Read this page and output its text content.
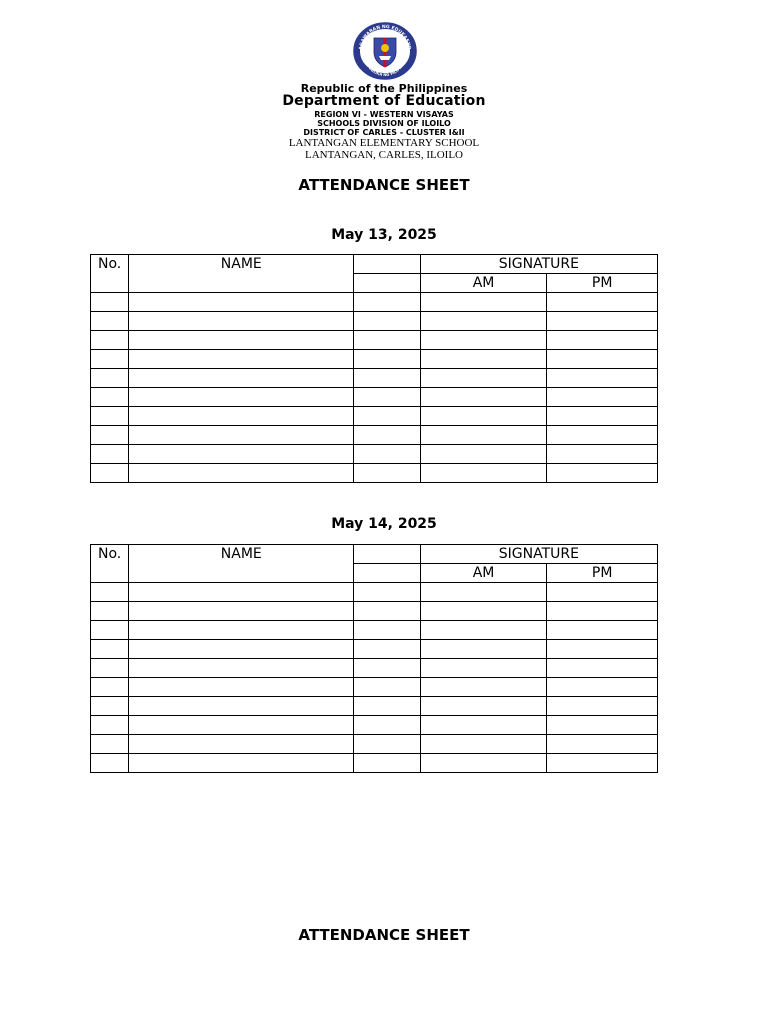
AGAWARAN NG EDUKASYO
REPUBLIKA NG PILIPINAS
Republic of the Philippines
Department of Education
REGION VI - WESTERN VISAYAS
SCHOOLS DIVISION OF ILOILO
DISTRICT OF CARLES - CLUSTER I&II
LANTANGAN ELEMENTARY SCHOOL
LANTANGAN, CARLES, ILOILO
ATTENDANCE SHEET
May 13, 2025
No.	NAME		SIGNATURE	
			AM	PM

May 14, 2025
No.	NAME		SIGNATURE	
			AM	PM

ATTENDANCE SHEET
